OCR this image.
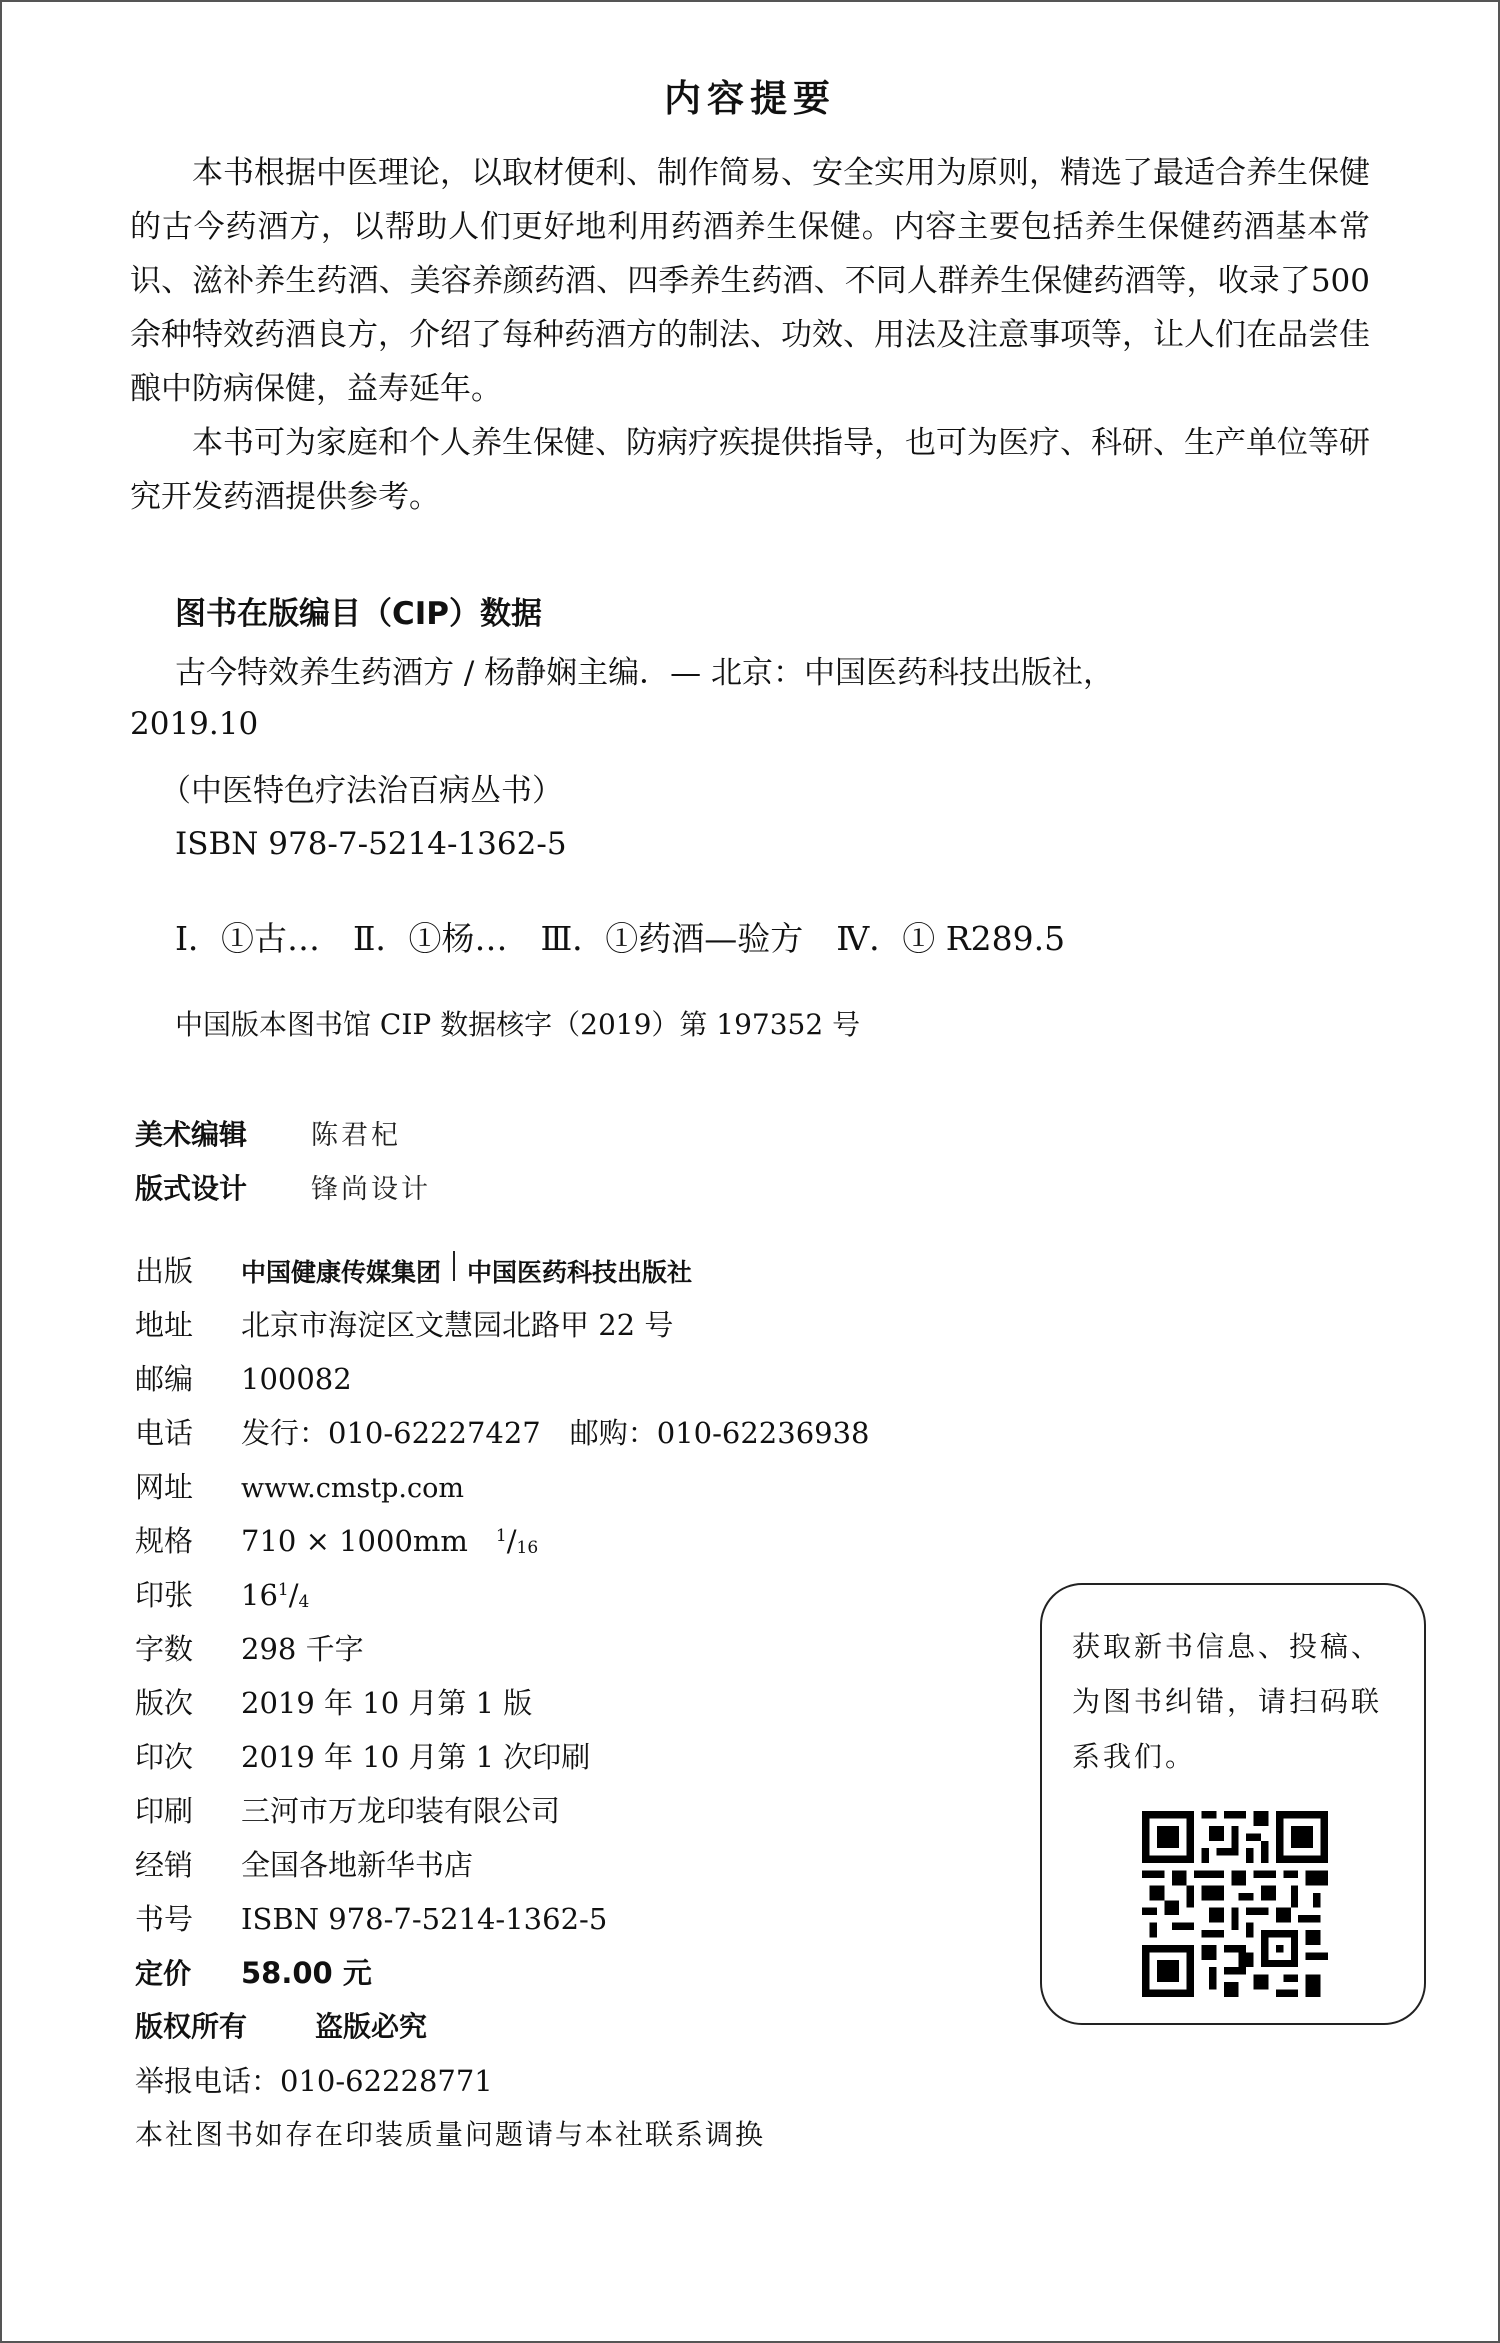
内容提要
本书根据中医理论，以取材便利、制作简易、安全实用为原则，精选了最适合养生保健的古今药酒方，以帮助人们更好地利用药酒养生保健。内容主要包括养生保健药酒基本常识、滋补养生药酒、美容养颜药酒、四季养生药酒、不同人群养生保健药酒等，收录了500余种特效药酒良方，介绍了每种药酒方的制法、功效、用法及注意事项等，让人们在品尝佳酿中防病保健，益寿延年。
本书可为家庭和个人养生保健、防病疗疾提供指导，也可为医疗、科研、生产单位等研究开发药酒提供参考。
图书在版编目（CIP）数据
古今特效养生药酒方 / 杨静娴主编．— 北京：中国医药科技出版社，
2019.10
（中医特色疗法治百病丛书）
ISBN 978-7-5214-1362-5
Ⅰ．①古…　Ⅱ．①杨…　Ⅲ．①药酒—验方　Ⅳ．① R289.5
中国版本图书馆 CIP 数据核字（2019）第 197352 号
美术编辑	陈君杞
版式设计	锋尚设计
出版	中国健康传媒集团 中国医药科技出版社
地址	北京市海淀区文慧园北路甲 22 号
邮编	100082
电话	发行：010-62227427　邮购：010-62236938
网址	www.cmstp.com
规格	710 × 1000mm $^1/_{16}$
印张	$16^1/_4$
字数	298 千字
版次	2019 年 10 月第 1 版
印次	2019 年 10 月第 1 次印刷
印刷	三河市万龙印装有限公司
经销	全国各地新华书店
书号	ISBN 978-7-5214-1362-5
定价	58.00 元
版权所有	盗版必究
举报电话：010-62228771
本社图书如存在印装质量问题请与本社联系调换
获取新书信息、投稿、为图书纠错，请扫码联系我们。
